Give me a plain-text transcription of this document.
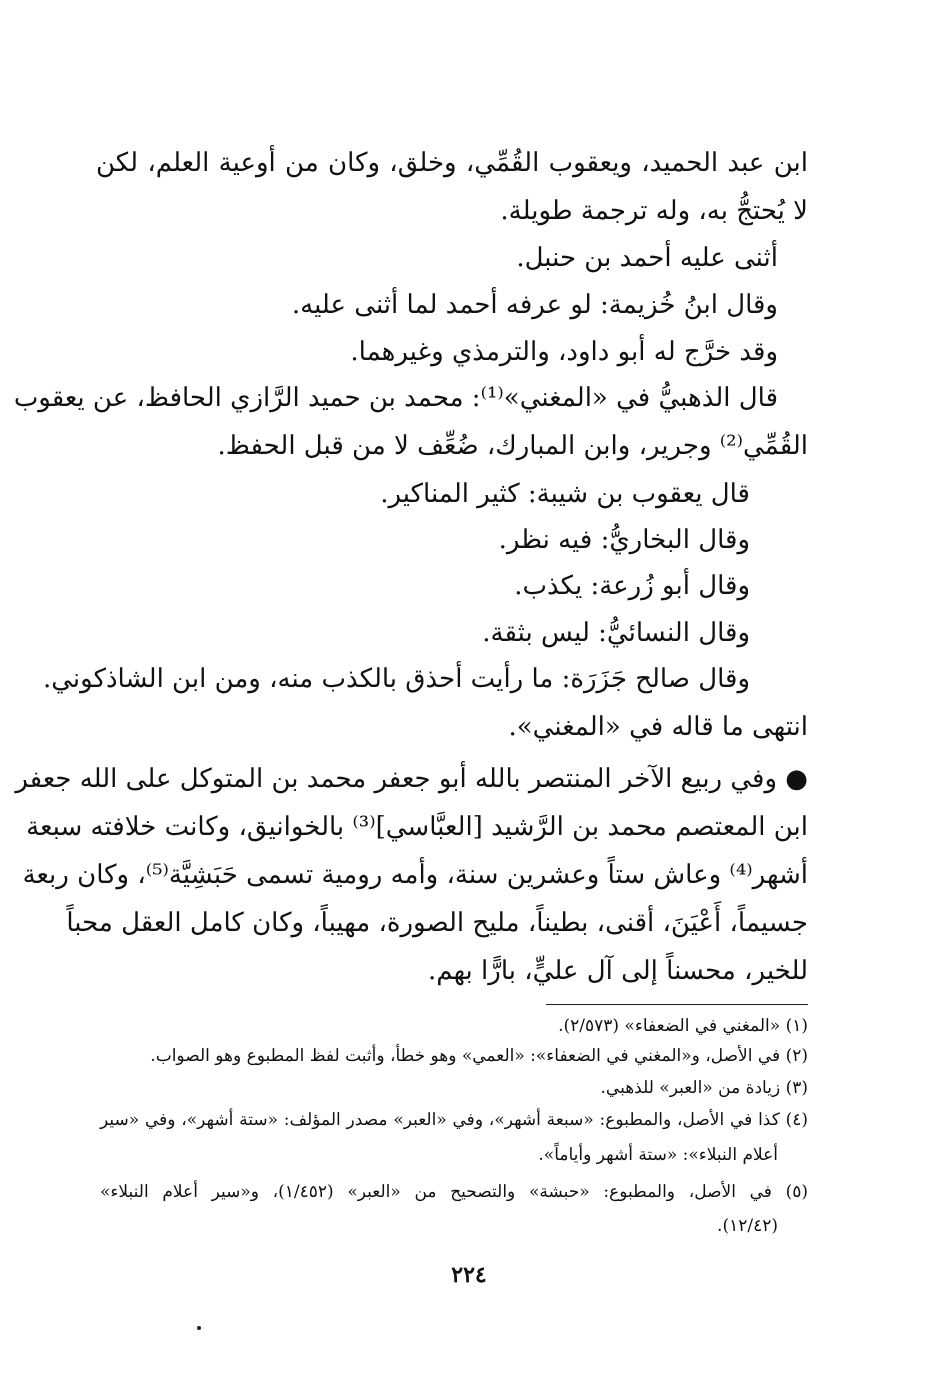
ابن عبد الحميد، ويعقوب القُمِّي، وخلق، وكان من أوعية العلم، لكن
لا يُحتجُّ به، وله ترجمة طويلة.
أثنى عليه أحمد بن حنبل.
وقال ابنُ خُزيمة: لو عرفه أحمد لما أثنى عليه.
وقد خرَّج له أبو داود، والترمذي وغيرهما.
قال الذهبيُّ في «المغني»⁽¹⁾: محمد بن حميد الرَّازي الحافظ، عن يعقوب
القُمِّي⁽²⁾ وجرير، وابن المبارك، ضُعِّف لا من قبل الحفظ.
قال يعقوب بن شيبة: كثير المناكير.
وقال البخاريُّ: فيه نظر.
وقال أبو زُرعة: يكذب.
وقال النسائيُّ: ليس بثقة.
وقال صالح جَزَرَة: ما رأيت أحذق بالكذب منه، ومن ابن الشاذكوني.
انتهى ما قاله في «المغني».
● وفي ربيع الآخر المنتصر بالله أبو جعفر محمد بن المتوكل على الله جعفر
ابن المعتصم محمد بن الرَّشيد [العبَّاسي]⁽³⁾ بالخوانيق، وكانت خلافته سبعة
أشهر⁽⁴⁾ وعاش ستاً وعشرين سنة، وأمه رومية تسمى حَبَشِيَّة⁽⁵⁾، وكان ربعة
جسيماً، أَعْيَنَ، أقنى، بطيناً، مليح الصورة، مهيباً، وكان كامل العقل محباً
للخير، محسناً إلى آل عليٍّ، بارًّا بهم.
(١) «المغني في الضعفاء» (٢/٥٧٣).
(٢) في الأصل، و«المغني في الضعفاء»: «العمي» وهو خطأ، وأثبت لفظ المطبوع وهو الصواب.
(٣) زيادة من «العبر» للذهبي.
(٤) كذا في الأصل، والمطبوع: «سبعة أشهر»، وفي «العبر» مصدر المؤلف: «ستة أشهر»، وفي «سير
أعلام النبلاء»: «ستة أشهر وأياماً».
(٥) في الأصل، والمطبوع: «حبشة» والتصحيح من «العبر» (١/٤٥٢)، و«سير أعلام النبلاء»
(١٢/٤٢).
٢٢٤
